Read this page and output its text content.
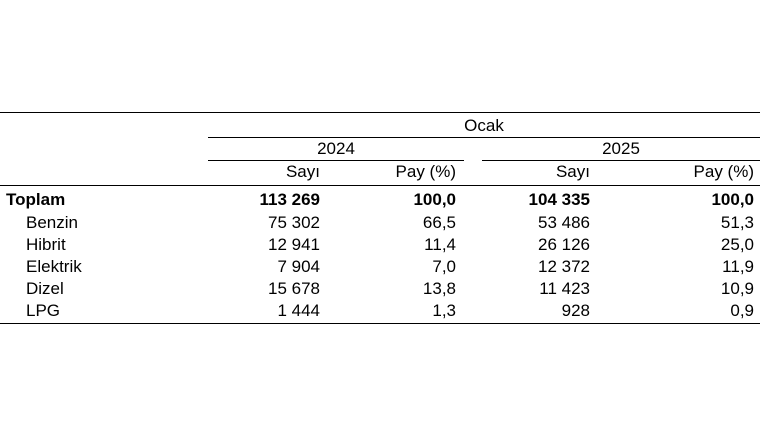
Ocak
2024	2025
Sayı	Pay (%)	Sayı	Pay (%)
Toplam	113 269	100,0	104 335	100,0
Benzin	75 302	66,5	53 486	51,3
Hibrit	12 941	11,4	26 126	25,0
Elektrik	7 904	7,0	12 372	11,9
Dizel	15 678	13,8	11 423	10,9
LPG	1 444	1,3	928	0,9
